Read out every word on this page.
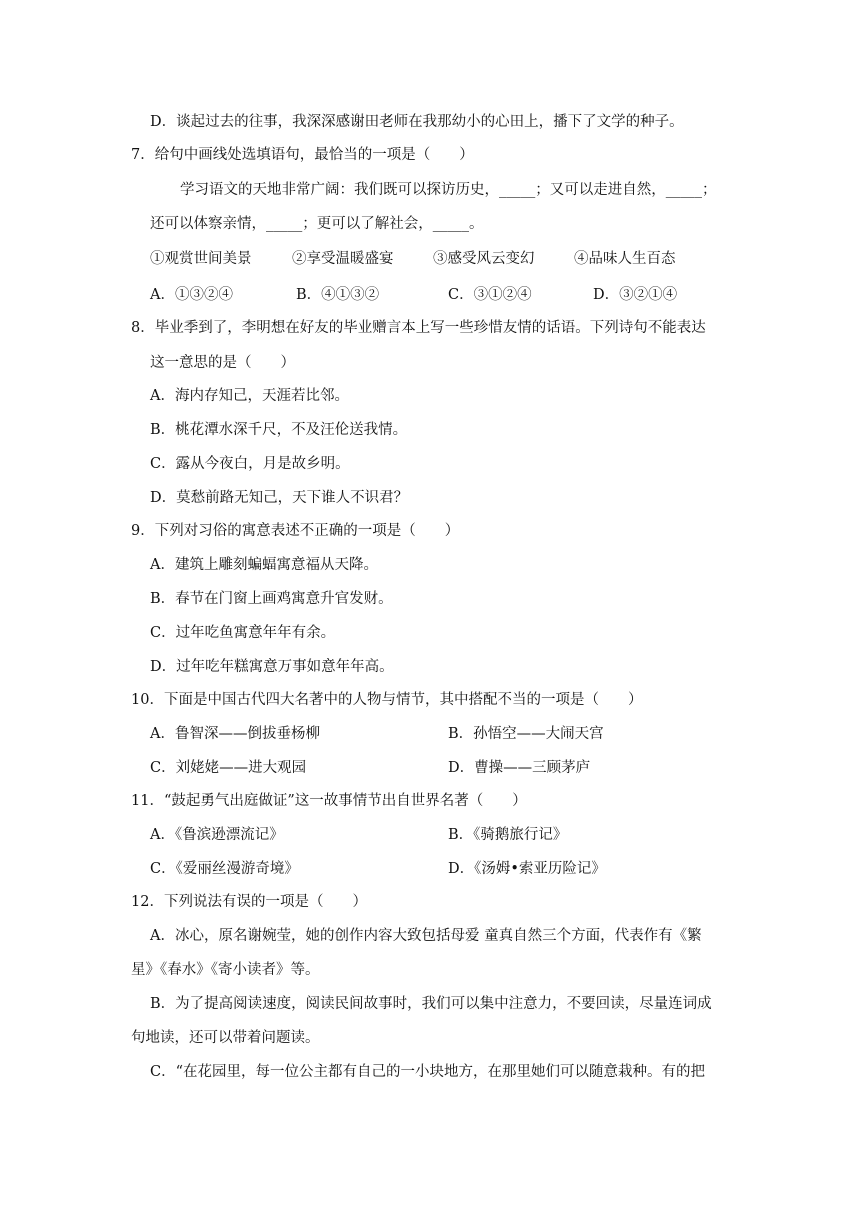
D．谈起过去的往事，我深深感谢田老师在我那幼小的心田上，播下了文学的种子。
7．给句中画线处选填语句，最恰当的一项是（　　）
学习语文的天地非常广阔：我们既可以探访历史，_____；又可以走进自然，_____；
还可以体察亲情，_____；更可以了解社会，_____。
①观赏世间美景	②享受温暖盛宴	③感受风云变幻	④品味人生百态
A．①③②④	B．④①③②	C．③①②④	D．③②①④
8．毕业季到了，李明想在好友的毕业赠言本上写一些珍惜友情的话语。下列诗句不能表达
这一意思的是（　　）
A．海内存知己，天涯若比邻。
B．桃花潭水深千尺，不及汪伦送我情。
C．露从今夜白，月是故乡明。
D．莫愁前路无知己，天下谁人不识君？
9．下列对习俗的寓意表述不正确的一项是（　　）
A．建筑上雕刻蝙蝠寓意福从天降。
B．春节在门窗上画鸡寓意升官发财。
C．过年吃鱼寓意年年有余。
D．过年吃年糕寓意万事如意年年高。
10．下面是中国古代四大名著中的人物与情节，其中搭配不当的一项是（　　）
A．鲁智深——倒拔垂杨柳	B．孙悟空——大闹天宫
C．刘姥姥——进大观园	D．曹操——三顾茅庐
11．“鼓起勇气出庭做证”这一故事情节出自世界名著（　　）
A．《鲁滨逊漂流记》	B．《骑鹅旅行记》
C．《爱丽丝漫游奇境》	D．《汤姆•索亚历险记》
12．下列说法有误的一项是（　　）
A．冰心，原名谢婉莹，她的创作内容大致包括母爱 童真自然三个方面，代表作有《繁
星》《春水》《寄小读者》等。
B．为了提高阅读速度，阅读民间故事时，我们可以集中注意力，不要回读，尽量连词成
句地读，还可以带着问题读。
C．“在花园里，每一位公主都有自己的一小块地方，在那里她们可以随意栽种。有的把
